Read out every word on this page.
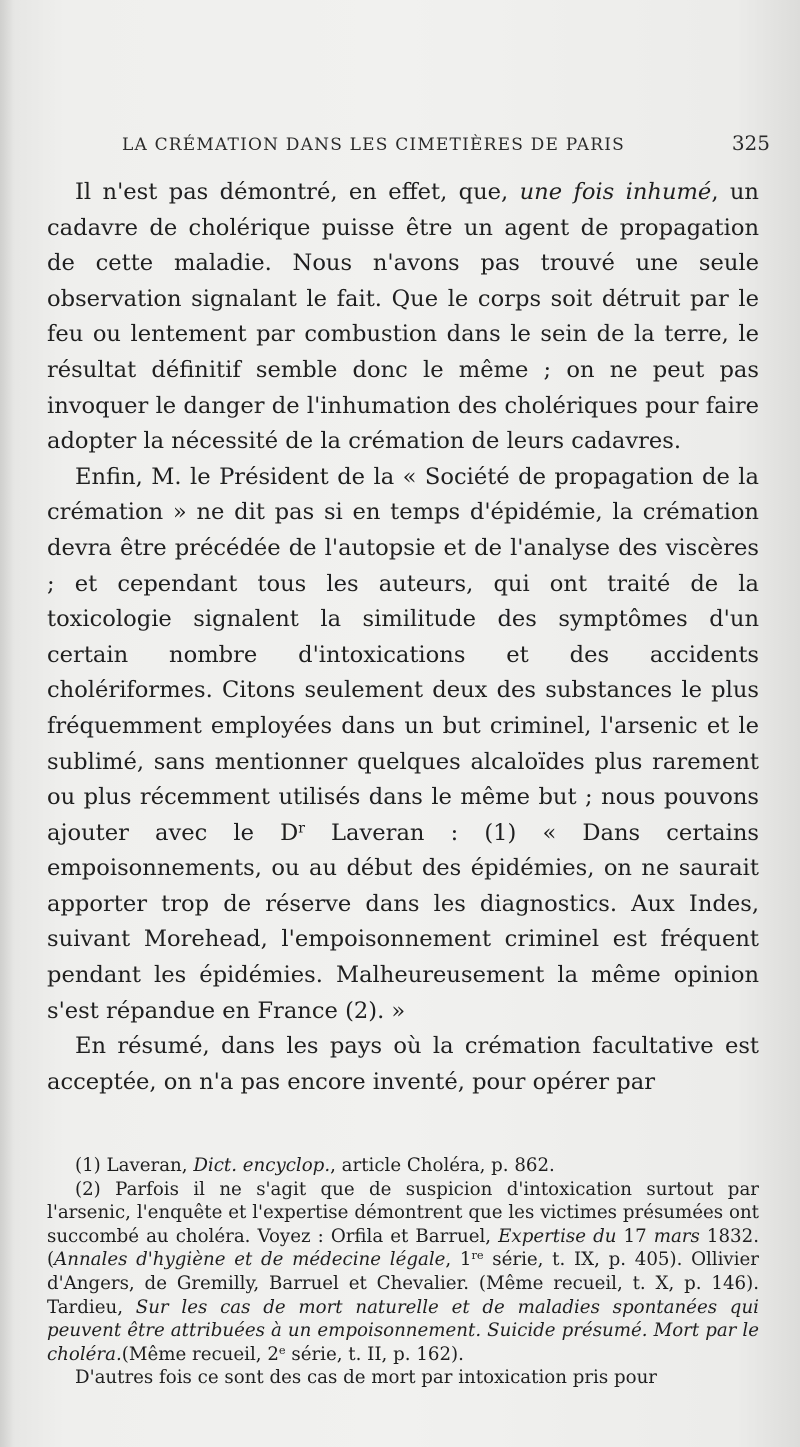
LA CRÉMATION DANS LES CIMETIÈRES DE PARIS	325

Il n'est pas démontré, en effet, que, une fois inhumé, un cadavre de cholérique puisse être un agent de propagation de cette maladie. Nous n'avons pas trouvé une seule observation signalant le fait. Que le corps soit détruit par le feu ou lentement par combustion dans le sein de la terre, le résultat définitif semble donc le même ; on ne peut pas invoquer le danger de l'inhumation des cholériques pour faire adopter la nécessité de la crémation de leurs cadavres.

Enfin, M. le Président de la « Société de propagation de la crémation » ne dit pas si en temps d'épidémie, la crémation devra être précédée de l'autopsie et de l'analyse des viscères ; et cependant tous les auteurs, qui ont traité de la toxicologie signalent la similitude des symptômes d'un certain nombre d'intoxications et des accidents cholériformes. Citons seulement deux des substances le plus fréquemment employées dans un but criminel, l'arsenic et le sublimé, sans mentionner quelques alcaloïdes plus rarement ou plus récemment utilisés dans le même but ; nous pouvons ajouter avec le $D^r$ Laveran : (1) « Dans certains empoisonnements, ou au début des épidémies, on ne saurait apporter trop de réserve dans les diagnostics. Aux Indes, suivant Morehead, l'empoisonnement criminel est fréquent pendant les épidémies. Malheureusement la même opinion s'est répandue en France (2). »

En résumé, dans les pays où la crémation facultative est acceptée, on n'a pas encore inventé, pour opérer par

(1) Laveran, Dict. encyclop., article Choléra, p. 862.

(2) Parfois il ne s'agit que de suspicion d'intoxication surtout par l'arsenic, l'enquête et l'expertise démontrent que les victimes présumées ont succombé au choléra. Voyez : Orfila et Barruel, Expertise du 17 mars 1832. (Annales d'hygiène et de médecine légale, 1re série, t. IX, p. 405). Ollivier d'Angers, de Gremilly, Barruel et Chevalier. (Même recueil, t. X, p. 146). Tardieu, Sur les cas de mort naturelle et de maladies spontanées qui peuvent être attribuées à un empoisonnement. Suicide présumé. Mort par le choléra.(Même recueil, 2e série, t. II, p. 162).

D'autres fois ce sont des cas de mort par intoxication pris pour
